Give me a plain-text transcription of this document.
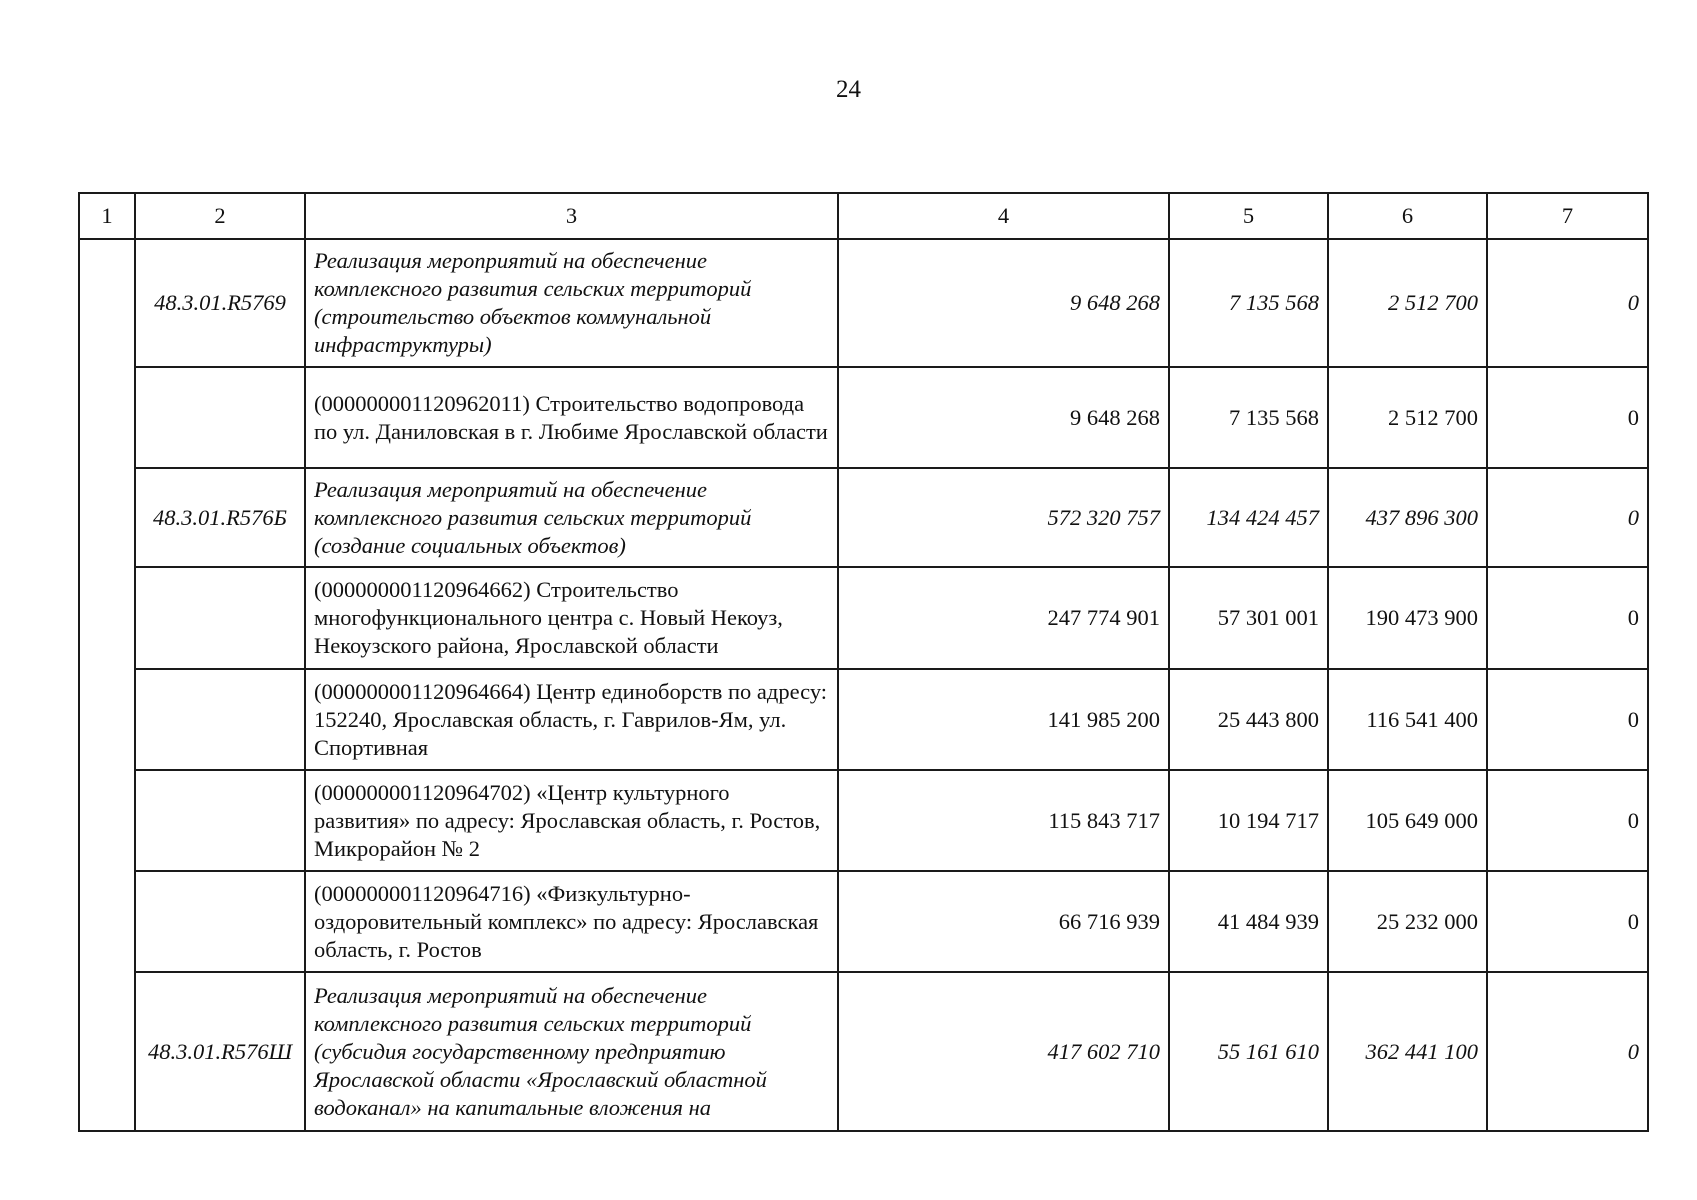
24
1	2	3	4	5	6	7
	48.3.01.R5769	Реализация мероприятий на обеспечение комплексного развития сельских территорий (строительство объектов коммунальной инфраструктуры)	9 648 268	7 135 568	2 512 700	0
		(000000001120962011) Строительство водопровода по ул. Даниловская в г. Любиме Ярославской области	9 648 268	7 135 568	2 512 700	0
	48.3.01.R576Б	Реализация мероприятий на обеспечение комплексного развития сельских территорий (создание социальных объектов)	572 320 757	134 424 457	437 896 300	0
		(000000001120964662) Строительство многофункционального центра с. Новый Некоуз, Некоузского района, Ярославской области	247 774 901	57 301 001	190 473 900	0
		(000000001120964664) Центр единоборств по адресу: 152240, Ярославская область, г. Гаврилов-Ям, ул. Спортивная	141 985 200	25 443 800	116 541 400	0
		(000000001120964702) «Центр культурного развития» по адресу: Ярославская область, г. Ростов, Микрорайон № 2	115 843 717	10 194 717	105 649 000	0
		(000000001120964716) «Физкультурно-оздоровительный комплекс» по адресу: Ярославская область, г. Ростов	66 716 939	41 484 939	25 232 000	0
	48.3.01.R576Ш	Реализация мероприятий на обеспечение комплексного развития сельских территорий (субсидия государственному предприятию Ярославской области «Ярославский областной водоканал» на капитальные вложения на	417 602 710	55 161 610	362 441 100	0
